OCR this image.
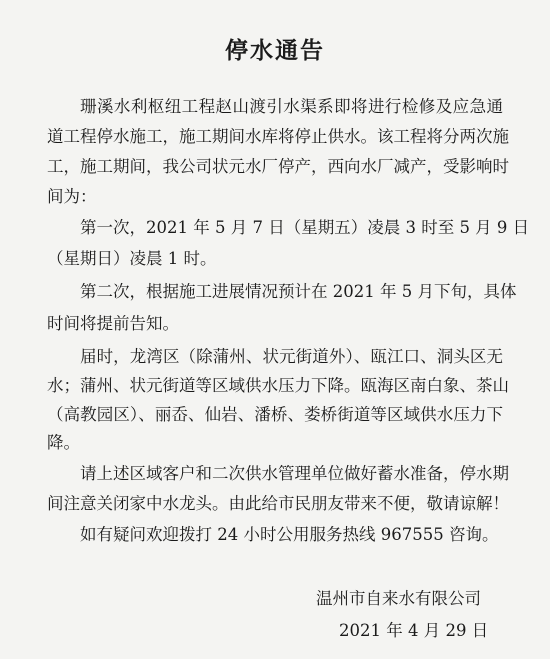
停水通告

珊溪水利枢纽工程赵山渡引水渠系即将进行检修及应急通

道工程停水施工，施工期间水库将停止供水。该工程将分两次施

工，施工期间，我公司状元水厂停产，西向水厂减产，受影响时

间为：

第一次，2021 年 5 月 7 日（星期五）凌晨 3 时至 5 月 9 日

（星期日）凌晨 1 时。

第二次，根据施工进展情况预计在 2021 年 5 月下旬，具体

时间将提前告知。

届时，龙湾区（除蒲州、状元街道外）、瓯江口、洞头区无

水；蒲州、状元街道等区域供水压力下降。瓯海区南白象、茶山

（高教园区）、丽岙、仙岩、潘桥、娄桥街道等区域供水压力下

降。

请上述区域客户和二次供水管理单位做好蓄水准备，停水期

间注意关闭家中水龙头。由此给市民朋友带来不便，敬请谅解！

如有疑问欢迎拨打 24 小时公用服务热线 967555 咨询。

温州市自来水有限公司

2021 年 4 月 29 日
